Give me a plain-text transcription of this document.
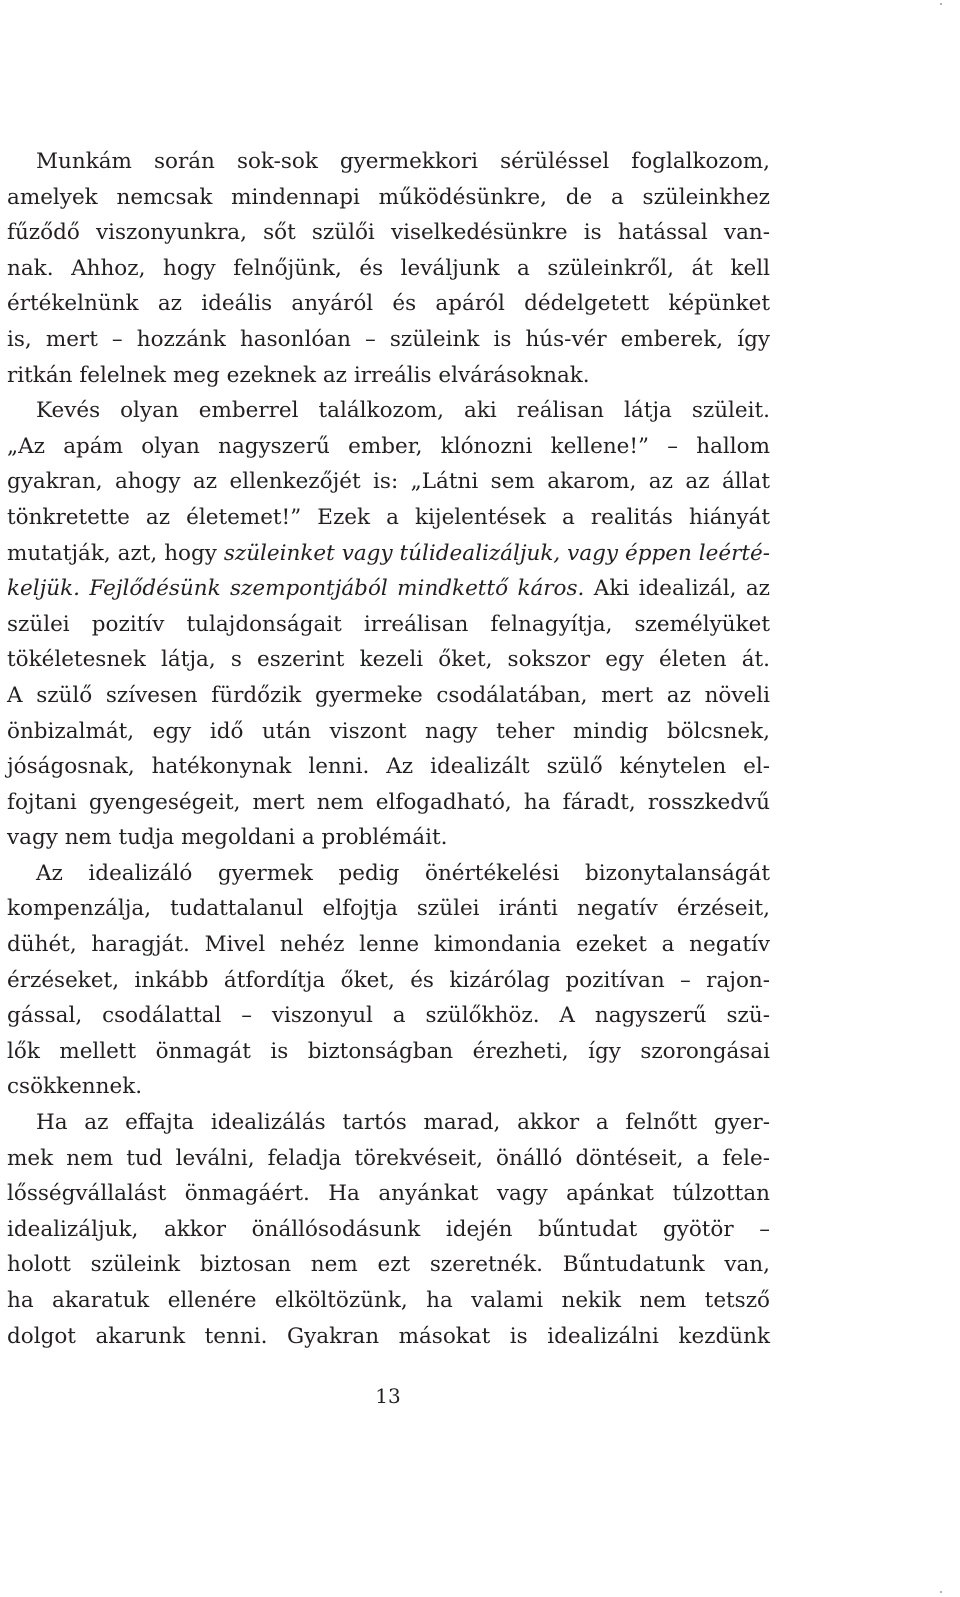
Munkám során sok-sok gyermekkori sérüléssel foglalkozom,
amelyek nemcsak mindennapi működésünkre, de a szüleinkhez
fűződő viszonyunkra, sőt szülői viselkedésünkre is hatással van-
nak. Ahhoz, hogy felnőjünk, és leváljunk a szüleinkről, át kell
értékelnünk az ideális anyáról és apáról dédelgetett képünket
is, mert – hozzánk hasonlóan – szüleink is hús-vér emberek, így
ritkán felelnek meg ezeknek az irreális elvárásoknak.
Kevés olyan emberrel találkozom, aki reálisan látja szüleit.
„Az apám olyan nagyszerű ember, klónozni kellene!” – hallom
gyakran, ahogy az ellenkezőjét is: „Látni sem akarom, az az állat
tönkretette az életemet!” Ezek a kijelentések a realitás hiányát
mutatják, azt, hogy szüleinket vagy túlidealizáljuk, vagy éppen leérté-
keljük. Fejlődésünk szempontjából mindkettő káros. Aki idealizál, az
szülei pozitív tulajdonságait irreálisan felnagyítja, személyüket
tökéletesnek látja, s eszerint kezeli őket, sokszor egy életen át.
A szülő szívesen fürdőzik gyermeke csodálatában, mert az növeli
önbizalmát, egy idő után viszont nagy teher mindig bölcsnek,
jóságosnak, hatékonynak lenni. Az idealizált szülő kénytelen el-
fojtani gyengeségeit, mert nem elfogadható, ha fáradt, rosszkedvű
vagy nem tudja megoldani a problémáit.
Az idealizáló gyermek pedig önértékelési bizonytalanságát
kompenzálja, tudattalanul elfojtja szülei iránti negatív érzéseit,
dühét, haragját. Mivel nehéz lenne kimondania ezeket a negatív
érzéseket, inkább átfordítja őket, és kizárólag pozitívan – rajon-
gással, csodálattal – viszonyul a szülőkhöz. A nagyszerű szü-
lők mellett önmagát is biztonságban érezheti, így szorongásai
csökkennek.
Ha az effajta idealizálás tartós marad, akkor a felnőtt gyer-
mek nem tud leválni, feladja törekvéseit, önálló döntéseit, a fele-
lősségvállalást önmagáért. Ha anyánkat vagy apánkat túlzottan
idealizáljuk, akkor önállósodásunk idején bűntudat gyötör –
holott szüleink biztosan nem ezt szeretnék. Bűntudatunk van,
ha akaratuk ellenére elköltözünk, ha valami nekik nem tetsző
dolgot akarunk tenni. Gyakran másokat is idealizálni kezdünk
13
